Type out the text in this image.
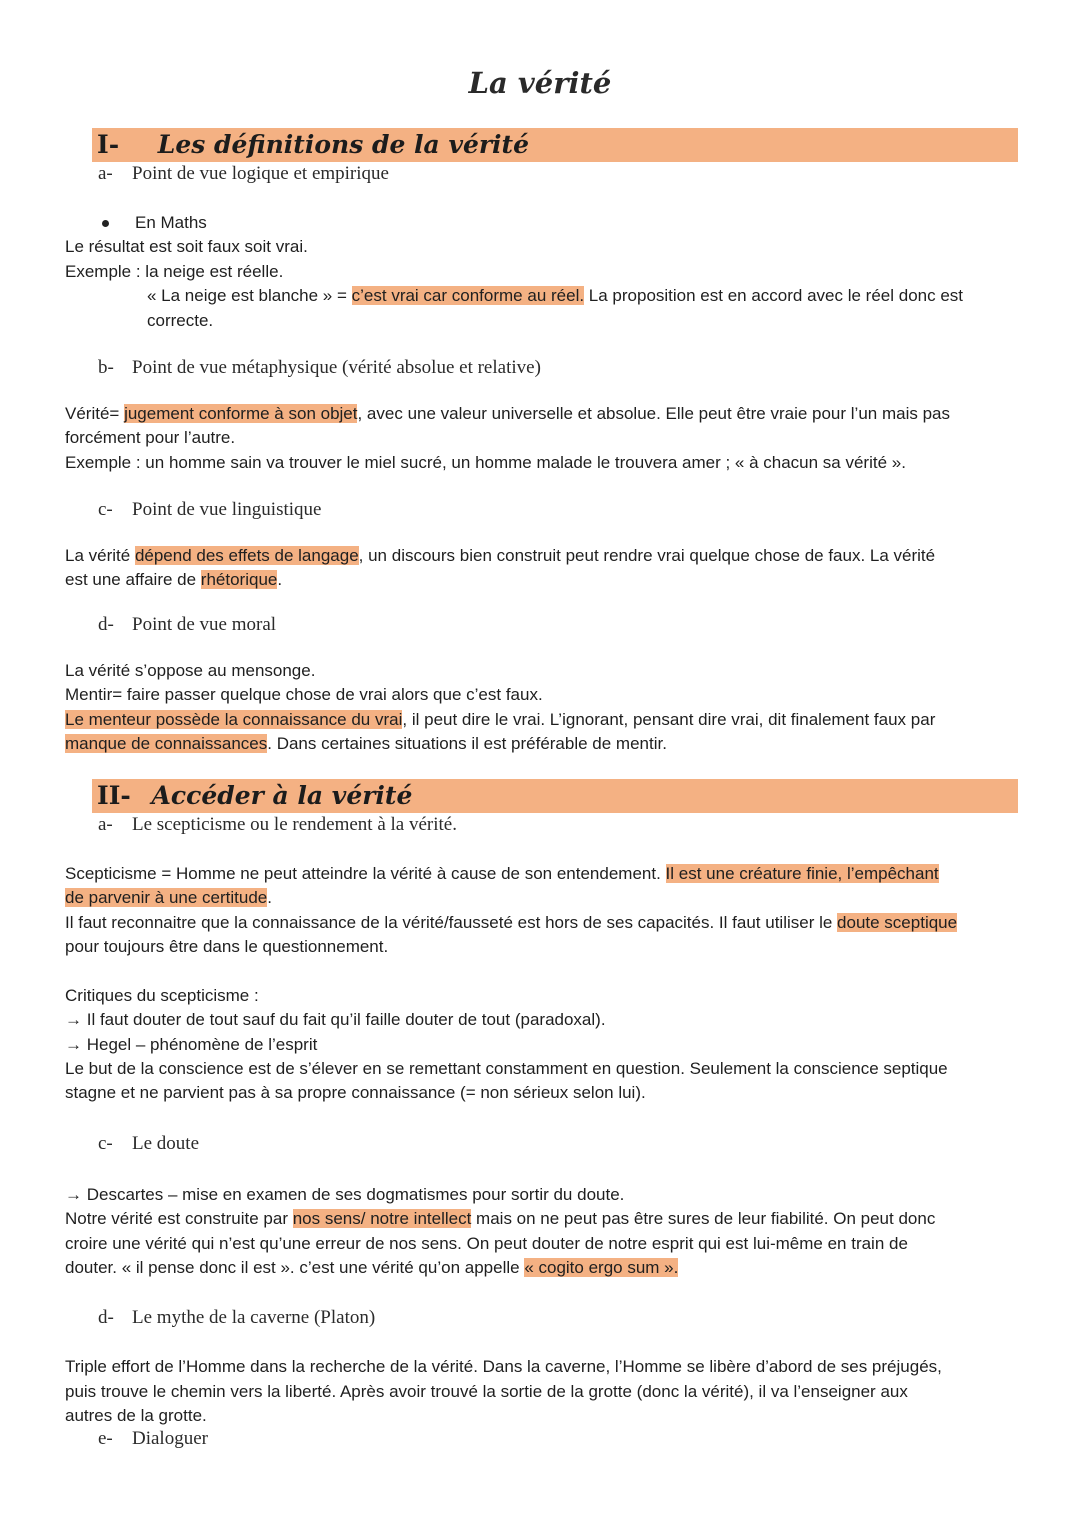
La vérité
I- Les définitions de la vérité
a- Point de vue logique et empirique
En Maths
Le résultat est soit faux soit vrai.
Exemple : la neige est réelle.
« La neige est blanche » = c’est vrai car conforme au réel. La proposition est en accord avec le réel donc est
correcte.
b- Point de vue métaphysique (vérité absolue et relative)
Vérité= jugement conforme à son objet, avec une valeur universelle et absolue. Elle peut être vraie pour l’un mais pas
forcément pour l’autre.
Exemple : un homme sain va trouver le miel sucré, un homme malade le trouvera amer ; « à chacun sa vérité ».
c- Point de vue linguistique
La vérité dépend des effets de langage, un discours bien construit peut rendre vrai quelque chose de faux. La vérité
est une affaire de rhétorique.
d- Point de vue moral
La vérité s’oppose au mensonge.
Mentir= faire passer quelque chose de vrai alors que c’est faux.
Le menteur possède la connaissance du vrai, il peut dire le vrai. L’ignorant, pensant dire vrai, dit finalement faux par
manque de connaissances. Dans certaines situations il est préférable de mentir.
II- Accéder à la vérité
a- Le scepticisme ou le rendement à la vérité.
Scepticisme = Homme ne peut atteindre la vérité à cause de son entendement. Il est une créature finie, l’empêchant
de parvenir à une certitude.
Il faut reconnaitre que la connaissance de la vérité/fausseté est hors de ses capacités. Il faut utiliser le doute sceptique
pour toujours être dans le questionnement.
Critiques du scepticisme :
→ Il faut douter de tout sauf du fait qu’il faille douter de tout (paradoxal).
→ Hegel – phénomène de l’esprit
Le but de la conscience est de s’élever en se remettant constamment en question. Seulement la conscience septique
stagne et ne parvient pas à sa propre connaissance (= non sérieux selon lui).
c- Le doute
→ Descartes – mise en examen de ses dogmatismes pour sortir du doute.
Notre vérité est construite par nos sens/ notre intellect mais on ne peut pas être sures de leur fiabilité. On peut donc
croire une vérité qui n’est qu’une erreur de nos sens. On peut douter de notre esprit qui est lui-même en train de
douter. « il pense donc il est ». c’est une vérité qu’on appelle « cogito ergo sum ».
d- Le mythe de la caverne (Platon)
Triple effort de l’Homme dans la recherche de la vérité. Dans la caverne, l’Homme se libère d’abord de ses préjugés,
puis trouve le chemin vers la liberté. Après avoir trouvé la sortie de la grotte (donc la vérité), il va l’enseigner aux
autres de la grotte.
e- Dialoguer
